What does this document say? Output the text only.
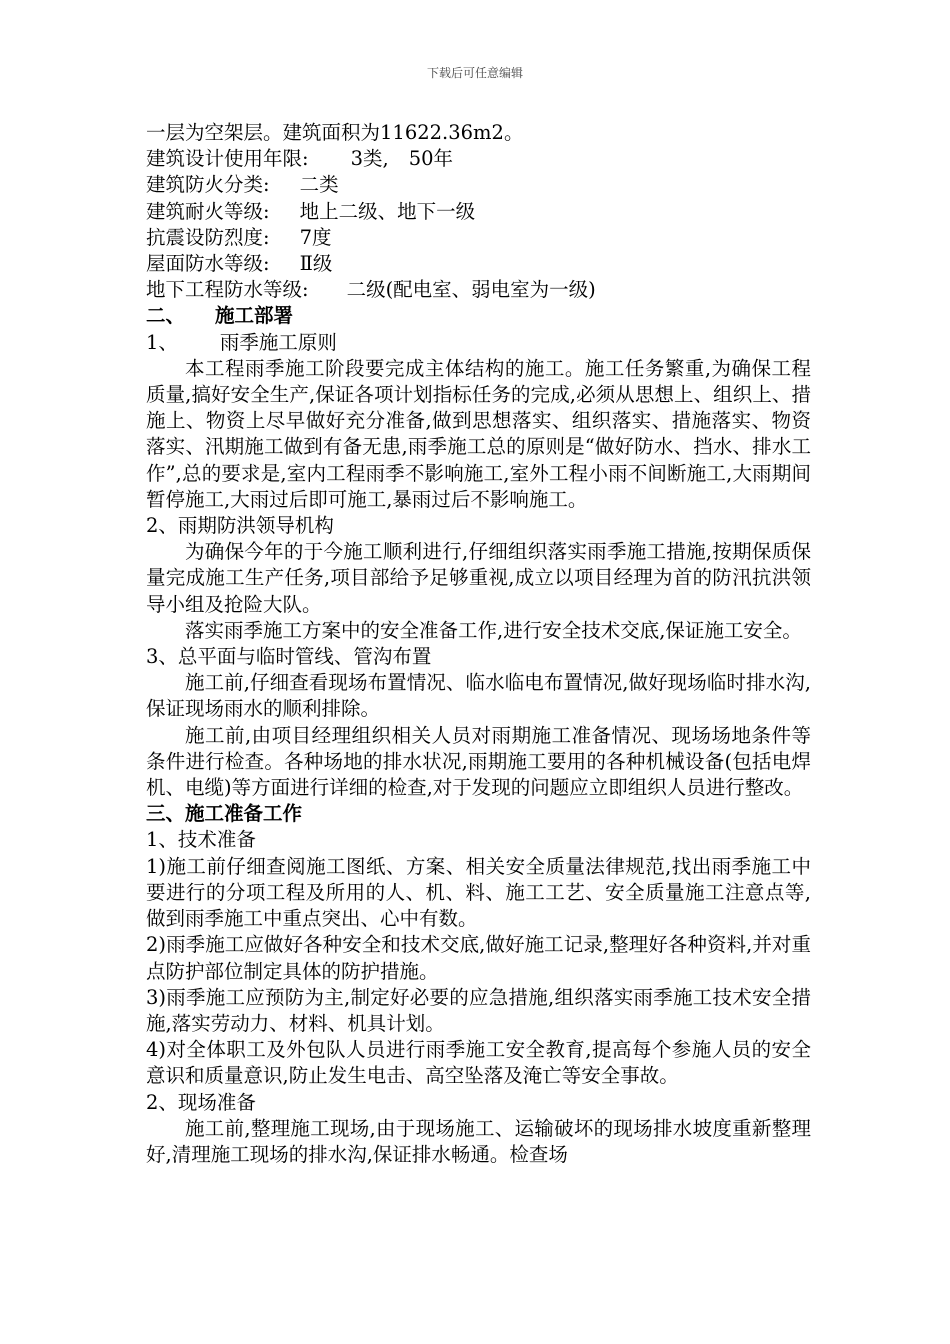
下载后可任意编辑

一层为空架层。建筑面积为11622.36m2。

建筑设计使用年限: 3类, 50年

建筑防火分类: 二类

建筑耐火等级: 地上二级、地下一级

抗震设防烈度: 7度

屋面防水等级: Ⅱ级

地下工程防水等级: 二级(配电室、弱电室为一级)

二、 施工部署

1、 雨季施工原则

本工程雨季施工阶段要完成主体结构的施工。施工任务繁重,为确保工程质量,搞好安全生产,保证各项计划指标任务的完成,必须从思想上、组织上、措施上、物资上尽早做好充分准备,做到思想落实、组织落实、措施落实、物资落实、汛期施工做到有备无患,雨季施工总的原则是“做好防水、挡水、排水工作”,总的要求是,室内工程雨季不影响施工,室外工程小雨不间断施工,大雨期间暂停施工,大雨过后即可施工,暴雨过后不影响施工。

2、雨期防洪领导机构

为确保今年的于今施工顺利进行,仔细组织落实雨季施工措施,按期保质保量完成施工生产任务,项目部给予足够重视,成立以项目经理为首的防汛抗洪领导小组及抢险大队。

落实雨季施工方案中的安全准备工作,进行安全技术交底,保证施工安全。

3、总平面与临时管线、管沟布置

施工前,仔细查看现场布置情况、临水临电布置情况,做好现场临时排水沟,保证现场雨水的顺利排除。

施工前,由项目经理组织相关人员对雨期施工准备情况、现场场地条件等条件进行检查。各种场地的排水状况,雨期施工要用的各种机械设备(包括电焊机、电缆)等方面进行详细的检查,对于发现的问题应立即组织人员进行整改。

三、施工准备工作

1、技术准备

1)施工前仔细查阅施工图纸、方案、相关安全质量法律规范,找出雨季施工中要进行的分项工程及所用的人、机、料、施工工艺、安全质量施工注意点等,做到雨季施工中重点突出、心中有数。

2)雨季施工应做好各种安全和技术交底,做好施工记录,整理好各种资料,并对重点防护部位制定具体的防护措施。

3)雨季施工应预防为主,制定好必要的应急措施,组织落实雨季施工技术安全措施,落实劳动力、材料、机具计划。

4)对全体职工及外包队人员进行雨季施工安全教育,提高每个参施人员的安全意识和质量意识,防止发生电击、高空坠落及淹亡等安全事故。

2、现场准备

施工前,整理施工现场,由于现场施工、运输破坏的现场排水坡度重新整理好,清理施工现场的排水沟,保证排水畅通。检查场
